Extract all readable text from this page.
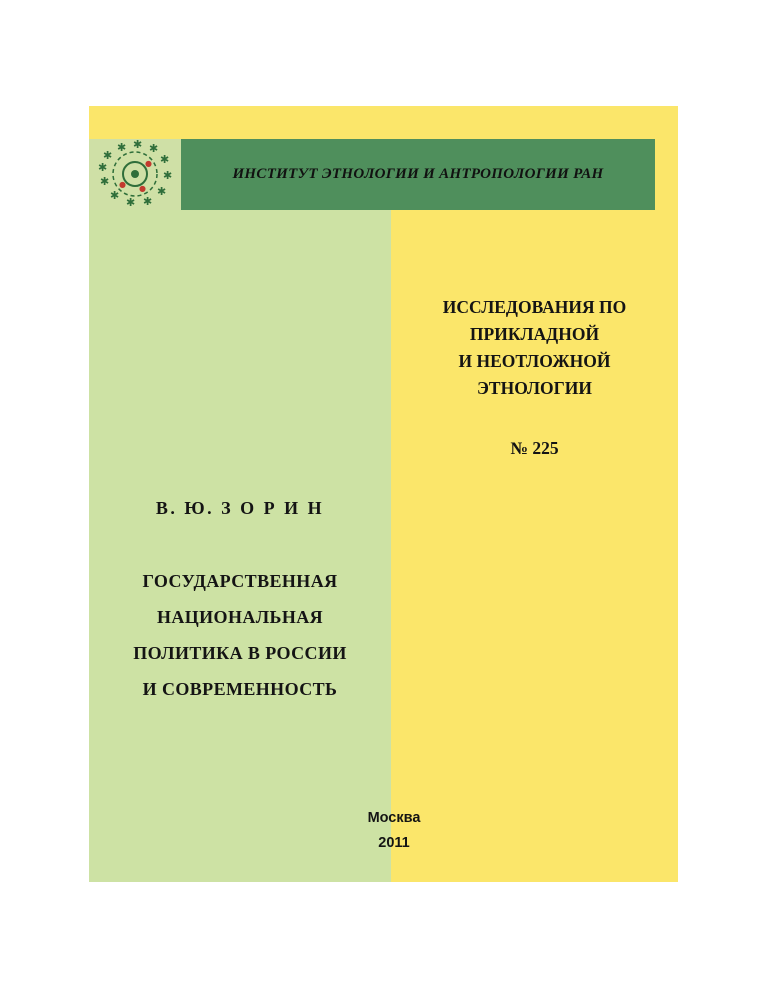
✱
✱ ✱ ✱
✱
✱
✱
✱
✱
✱
✱
✱	●
● ●
ИНСТИТУТ ЭТНОЛОГИИ И АНТРОПОЛОГИИ РАН
ИССЛЕДОВАНИЯ ПО
ПРИКЛАДНОЙ
И НЕОТЛОЖНОЙ
ЭТНОЛОГИИ
№ 225
В. Ю. З О Р И Н
ГОСУДАРСТВЕННАЯ
НАЦИОНАЛЬНАЯ
ПОЛИТИКА В РОССИИ
И СОВРЕМЕННОСТЬ
Москва
2011
